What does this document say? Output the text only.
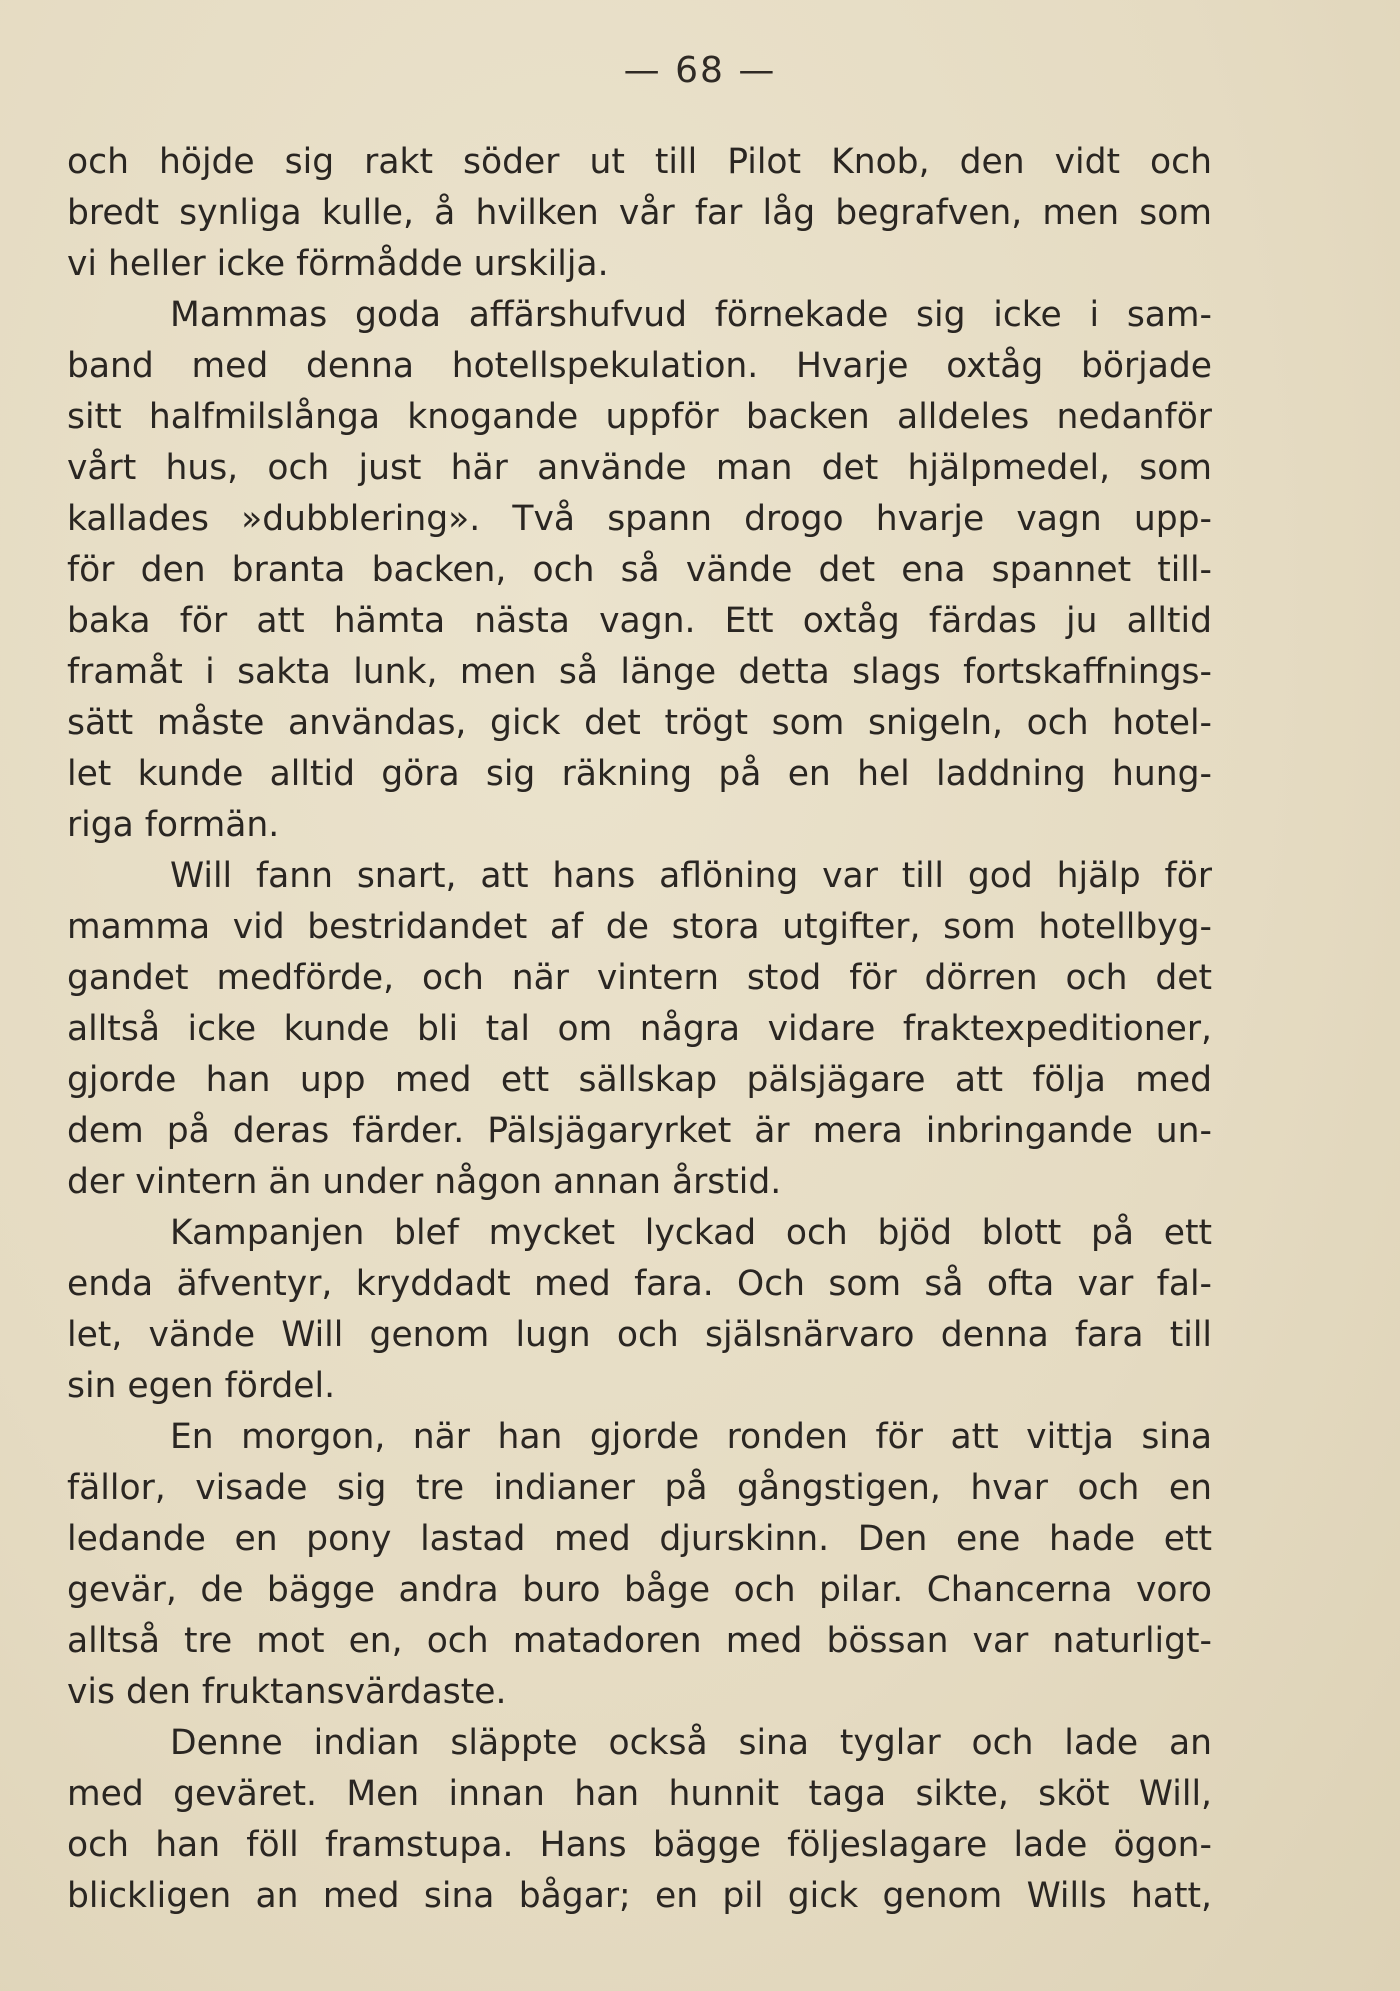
— 68 —
och höjde sig rakt söder ut till Pilot Knob, den vidt och
bredt synliga kulle, å hvilken vår far låg begrafven, men som
vi heller icke förmådde urskilja.
Mammas goda affärshufvud förnekade sig icke i sam-
band med denna hotellspekulation. Hvarje oxtåg började
sitt halfmilslånga knogande uppför backen alldeles nedanför
vårt hus, och just här använde man det hjälpmedel, som
kallades »dubblering». Två spann drogo hvarje vagn upp-
för den branta backen, och så vände det ena spannet till-
baka för att hämta nästa vagn. Ett oxtåg färdas ju alltid
framåt i sakta lunk, men så länge detta slags fortskaffnings-
sätt måste användas, gick det trögt som snigeln, och hotel-
let kunde alltid göra sig räkning på en hel laddning hung-
riga formän.
Will fann snart, att hans aflöning var till god hjälp för
mamma vid bestridandet af de stora utgifter, som hotellbyg-
gandet medförde, och när vintern stod för dörren och det
alltså icke kunde bli tal om några vidare fraktexpeditioner,
gjorde han upp med ett sällskap pälsjägare att följa med
dem på deras färder. Pälsjägaryrket är mera inbringande un-
der vintern än under någon annan årstid.
Kampanjen blef mycket lyckad och bjöd blott på ett
enda äfventyr, kryddadt med fara. Och som så ofta var fal-
let, vände Will genom lugn och själsnärvaro denna fara till
sin egen fördel.
En morgon, när han gjorde ronden för att vittja sina
fällor, visade sig tre indianer på gångstigen, hvar och en
ledande en pony lastad med djurskinn. Den ene hade ett
gevär, de bägge andra buro båge och pilar. Chancerna voro
alltså tre mot en, och matadoren med bössan var naturligt-
vis den fruktansvärdaste.
Denne indian släppte också sina tyglar och lade an
med geväret. Men innan han hunnit taga sikte, sköt Will,
och han föll framstupa. Hans bägge följeslagare lade ögon-
blickligen an med sina bågar; en pil gick genom Wills hatt,
